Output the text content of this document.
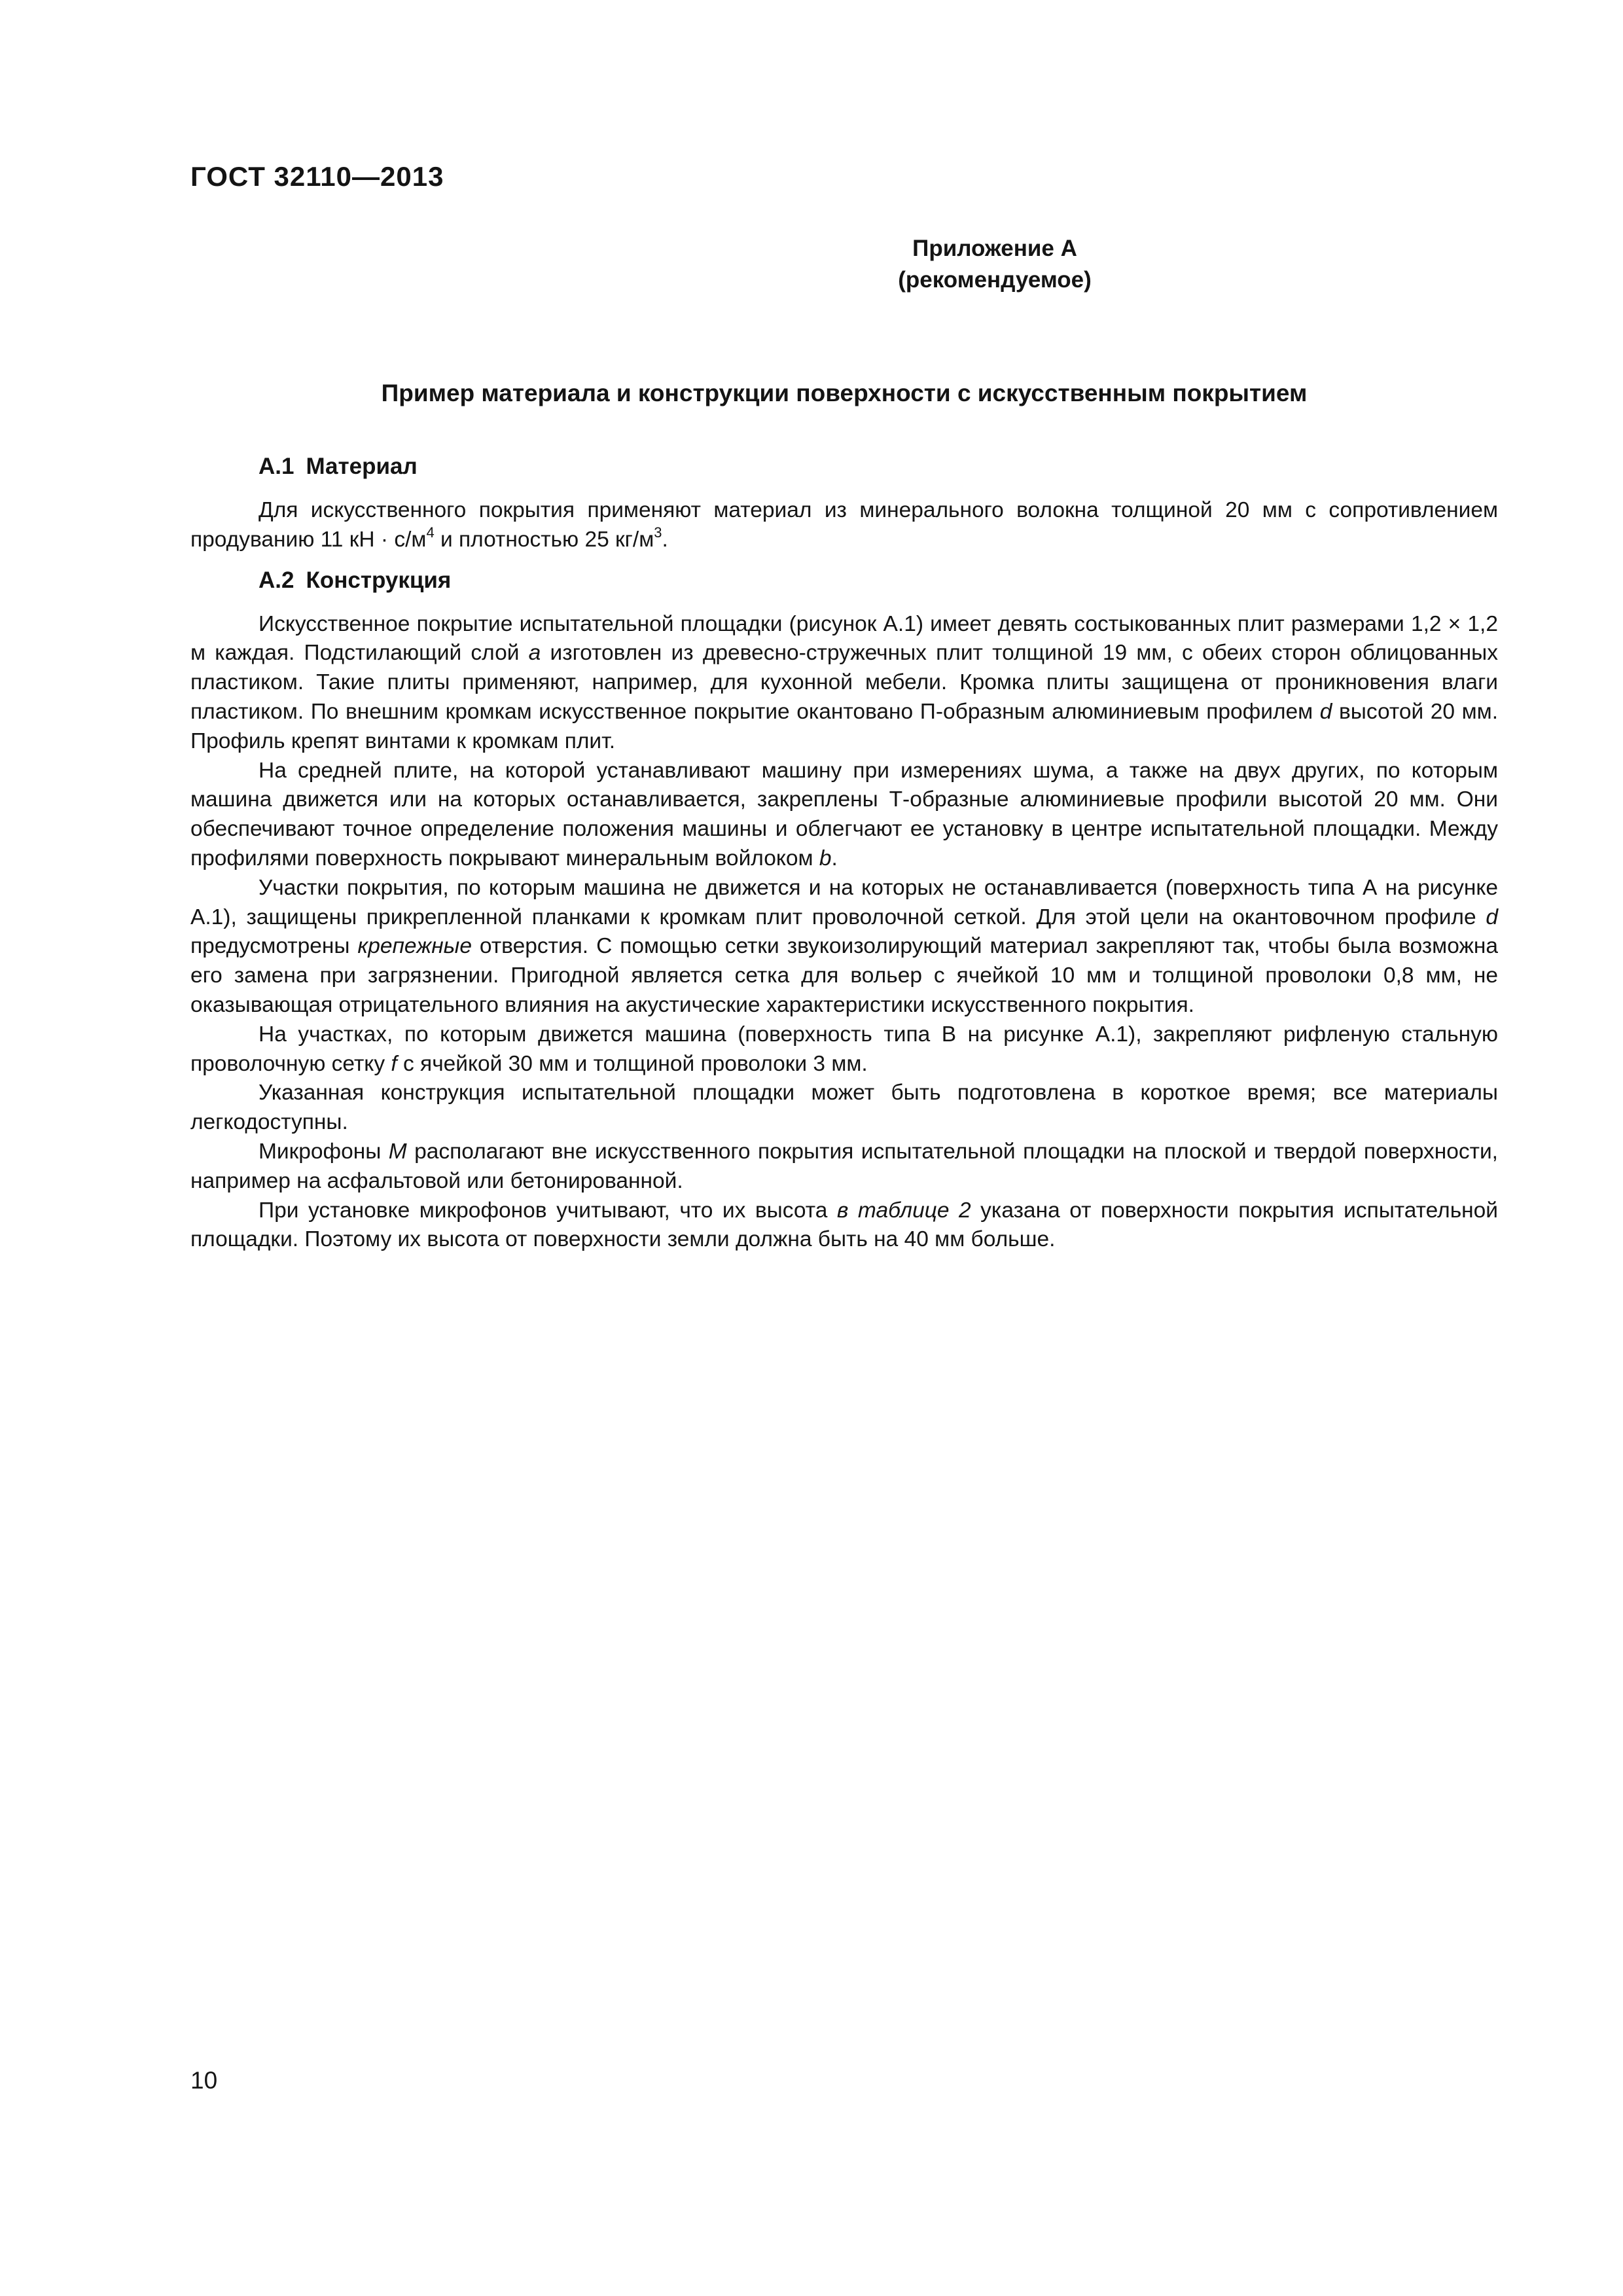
ГОСТ 32110—2013
Приложение А
(рекомендуемое)
Пример материала и конструкции поверхности с искусственным покрытием
А.1 Материал

Для искусственного покрытия применяют материал из минерального волокна толщиной 20 мм с сопротивлением продуванию 11 кН · $с/м^4$ и плотностью 25 $кг/м^3$.

А.2 Конструкция

Искусственное покрытие испытательной площадки (рисунок А.1) имеет девять состыкованных плит размерами 1,2 × 1,2 м каждая. Подстилающий слой a изготовлен из древесно-стружечных плит толщиной 19 мм, с обеих сторон облицованных пластиком. Такие плиты применяют, например, для кухонной мебели. Кромка плиты защищена от проникновения влаги пластиком. По внешним кромкам искусственное покрытие окантовано П-образным алюминиевым профилем d высотой 20 мм. Профиль крепят винтами к кромкам плит.

На средней плите, на которой устанавливают машину при измерениях шума, а также на двух других, по которым машина движется или на которых останавливается, закреплены Т-образные алюминиевые профили высотой 20 мм. Они обеспечивают точное определение положения машины и облегчают ее установку в центре испытательной площадки. Между профилями поверхность покрывают минеральным войлоком b.

Участки покрытия, по которым машина не движется и на которых не останавливается (поверхность типа А на рисунке А.1), защищены прикрепленной планками к кромкам плит проволочной сеткой. Для этой цели на окантовочном профиле d предусмотрены крепежные отверстия. С помощью сетки звукоизолирующий материал закрепляют так, чтобы была возможна его замена при загрязнении. Пригодной является сетка для вольер с ячейкой 10 мм и толщиной проволоки 0,8 мм, не оказывающая отрицательного влияния на акустические характеристики искусственного покрытия.

На участках, по которым движется машина (поверхность типа В на рисунке А.1), закрепляют рифленую стальную проволочную сетку f с ячейкой 30 мм и толщиной проволоки 3 мм.

Указанная конструкция испытательной площадки может быть подготовлена в короткое время; все материалы легкодоступны.

Микрофоны М располагают вне искусственного покрытия испытательной площадки на плоской и твердой поверхности, например на асфальтовой или бетонированной.

При установке микрофонов учитывают, что их высота в таблице 2 указана от поверхности покрытия испытательной площадки. Поэтому их высота от поверхности земли должна быть на 40 мм больше.

10
